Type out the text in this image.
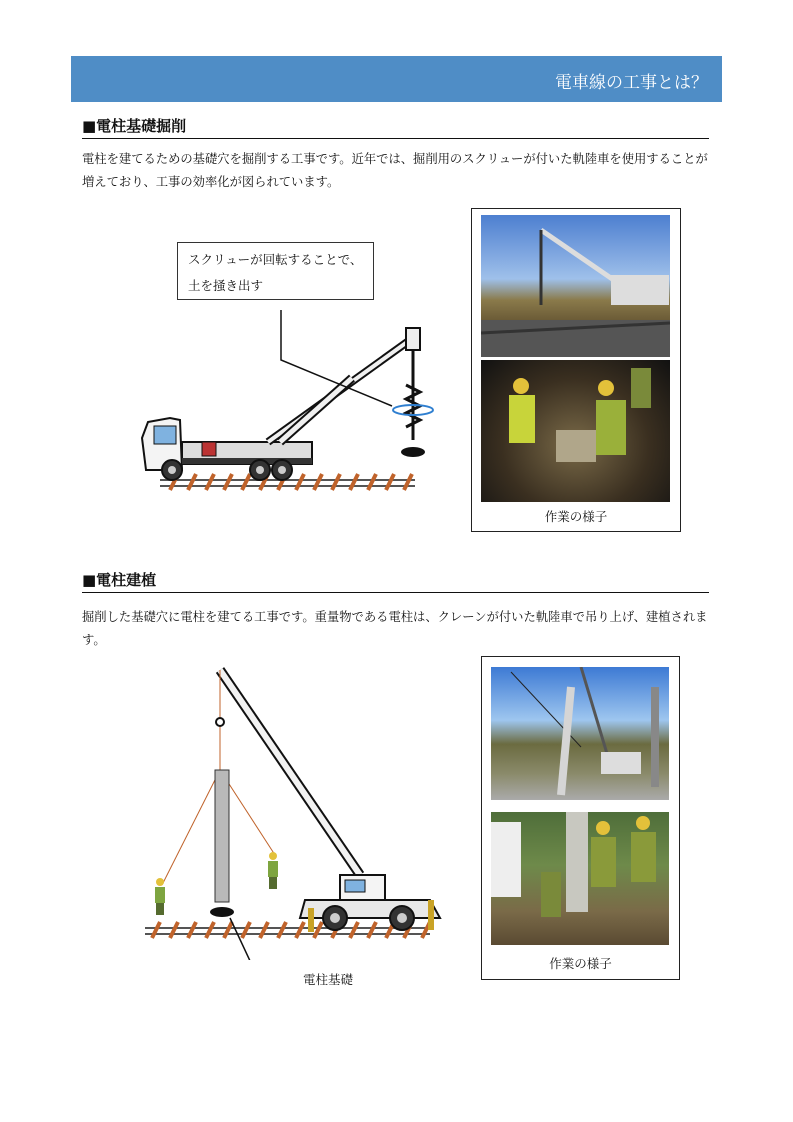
電車線の工事とは？
■電柱基礎掘削
電柱を建てるための基礎穴を掘削する工事です。近年では、掘削用のスクリューが付いた軌陸車を使用することが増えており、工事の効率化が図られています。
スクリューが回転することで、
土を掻き出す
作業の様子
■電柱建植
掘削した基礎穴に電柱を建てる工事です。重量物である電柱は、クレーンが付いた軌陸車で吊り上げ、建植されます。
電柱基礎
作業の様子
